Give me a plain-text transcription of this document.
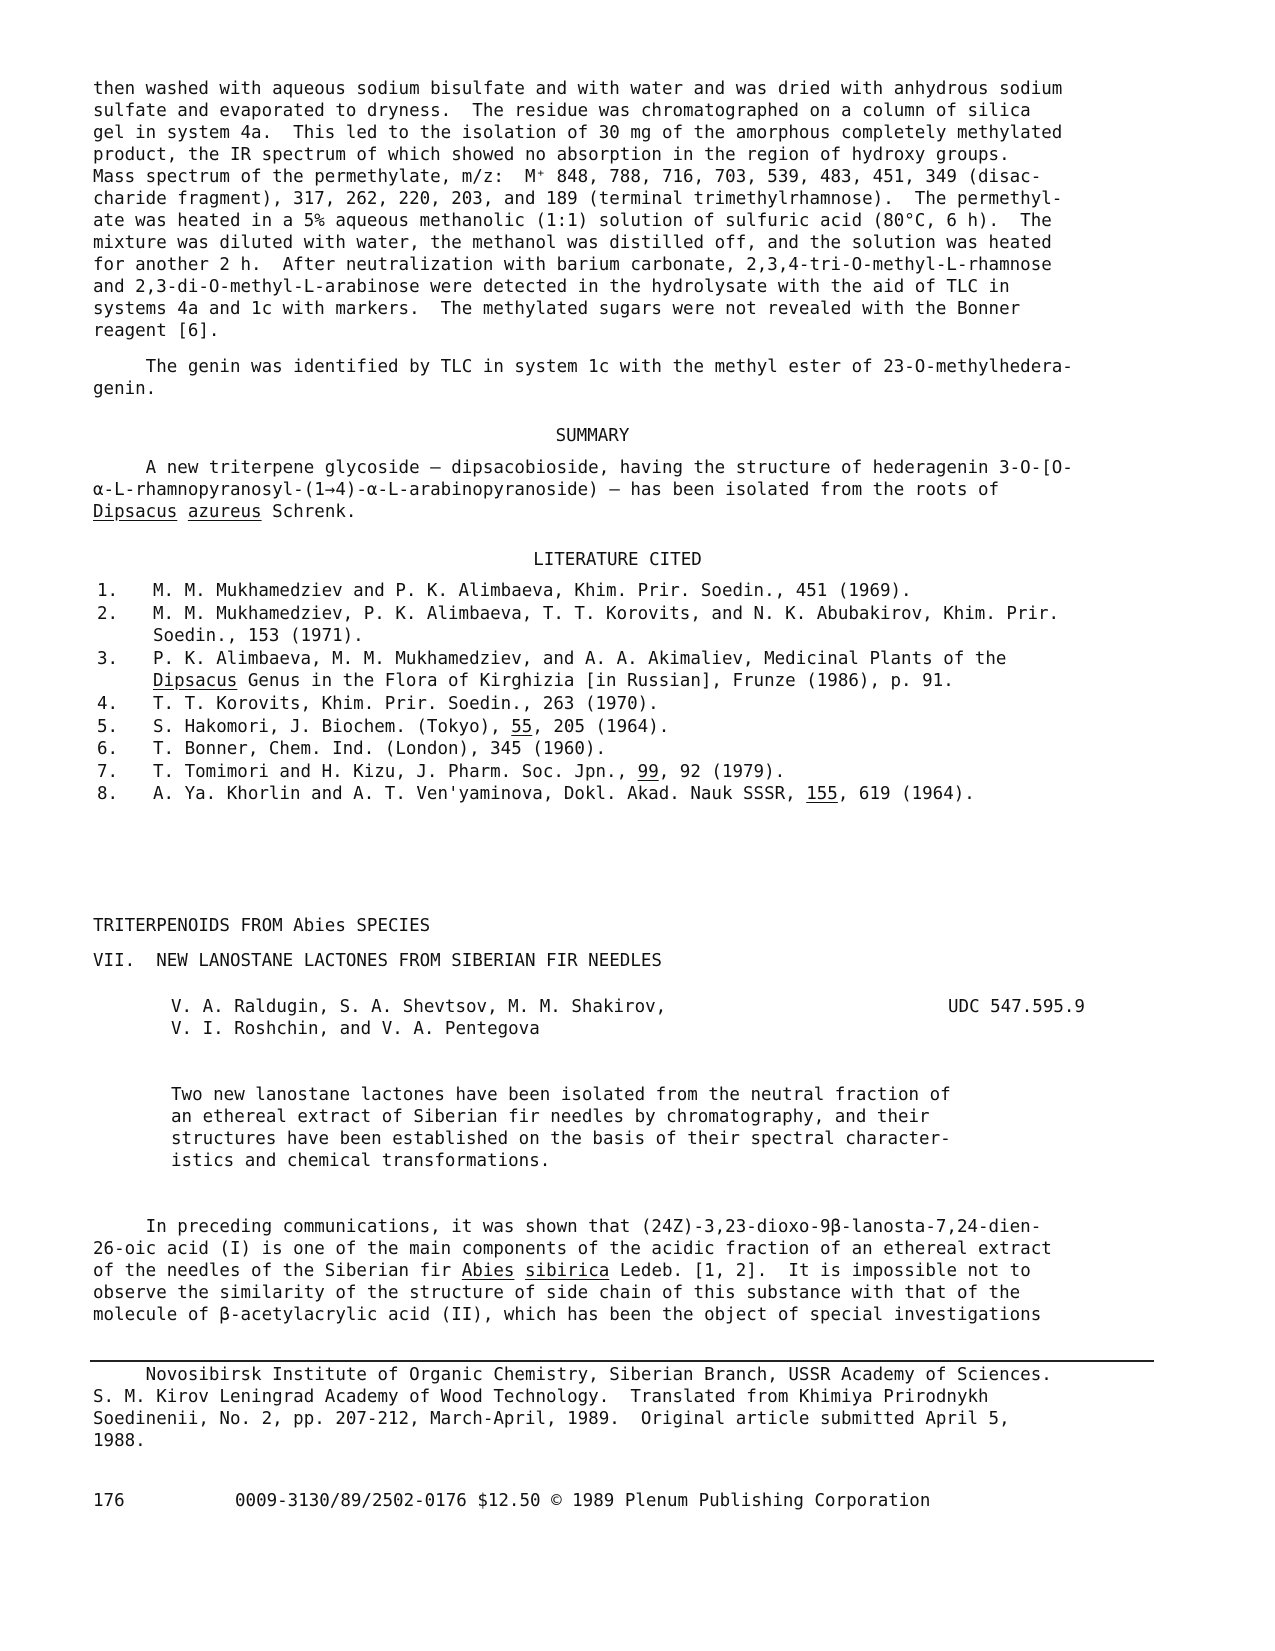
then washed with aqueous sodium bisulfate and with water and was dried with anhydrous sodium
sulfate and evaporated to dryness.  The residue was chromatographed on a column of silica
gel in system 4a.  This led to the isolation of 30 mg of the amorphous completely methylated
product, the IR spectrum of which showed no absorption in the region of hydroxy groups.
Mass spectrum of the permethylate, m/z:  M⁺ 848, 788, 716, 703, 539, 483, 451, 349 (disac-
charide fragment), 317, 262, 220, 203, and 189 (terminal trimethylrhamnose).  The permethyl-
ate was heated in a 5% aqueous methanolic (1:1) solution of sulfuric acid (80°C, 6 h).  The
mixture was diluted with water, the methanol was distilled off, and the solution was heated
for another 2 h.  After neutralization with barium carbonate, 2,3,4-tri-O-methyl-L-rhamnose
and 2,3-di-O-methyl-L-arabinose were detected in the hydrolysate with the aid of TLC in
systems 4a and 1c with markers.  The methylated sugars were not revealed with the Bonner
reagent [6].
The genin was identified by TLC in system 1c with the methyl ester of 23-O-methylhedera-
genin.
SUMMARY
A new triterpene glycoside — dipsacobioside, having the structure of hederagenin 3-O-[O-
α-L-rhamnopyranosyl-(1→4)-α-L-arabinopyranoside) — has been isolated from the roots of
Dipsacus azureus Schrenk.
LITERATURE CITED
1.	M. M. Mukhamedziev and P. K. Alimbaeva, Khim. Prir. Soedin., 451 (1969).
2.	M. M. Mukhamedziev, P. K. Alimbaeva, T. T. Korovits, and N. K. Abubakirov, Khim. Prir.
Soedin., 153 (1971).
3.	P. K. Alimbaeva, M. M. Mukhamedziev, and A. A. Akimaliev, Medicinal Plants of the
Dipsacus Genus in the Flora of Kirghizia [in Russian], Frunze (1986), p. 91.
4.	T. T. Korovits, Khim. Prir. Soedin., 263 (1970).
5.	S. Hakomori, J. Biochem. (Tokyo), 55, 205 (1964).
6.	T. Bonner, Chem. Ind. (London), 345 (1960).
7.	T. Tomimori and H. Kizu, J. Pharm. Soc. Jpn., 99, 92 (1979).
8.	A. Ya. Khorlin and A. T. Ven'yaminova, Dokl. Akad. Nauk SSSR, 155, 619 (1964).
TRITERPENOIDS FROM Abies SPECIES
VII.  NEW LANOSTANE LACTONES FROM SIBERIAN FIR NEEDLES
V. A. Raldugin, S. A. Shevtsov, M. M. Shakirov,
V. I. Roshchin, and V. A. Pentegova
UDC 547.595.9
Two new lanostane lactones have been isolated from the neutral fraction of
an ethereal extract of Siberian fir needles by chromatography, and their
structures have been established on the basis of their spectral character-
istics and chemical transformations.
In preceding communications, it was shown that (24Z)-3,23-dioxo-9β-lanosta-7,24-dien-
26-oic acid (I) is one of the main components of the acidic fraction of an ethereal extract
of the needles of the Siberian fir Abies sibirica Ledeb. [1, 2].  It is impossible not to
observe the similarity of the structure of side chain of this substance with that of the
molecule of β-acetylacrylic acid (II), which has been the object of special investigations
Novosibirsk Institute of Organic Chemistry, Siberian Branch, USSR Academy of Sciences.
S. M. Kirov Leningrad Academy of Wood Technology.  Translated from Khimiya Prirodnykh
Soedinenii, No. 2, pp. 207-212, March-April, 1989.  Original article submitted April 5,
1988.
176	0009-3130/89/2502-0176 $12.50 © 1989 Plenum Publishing Corporation
